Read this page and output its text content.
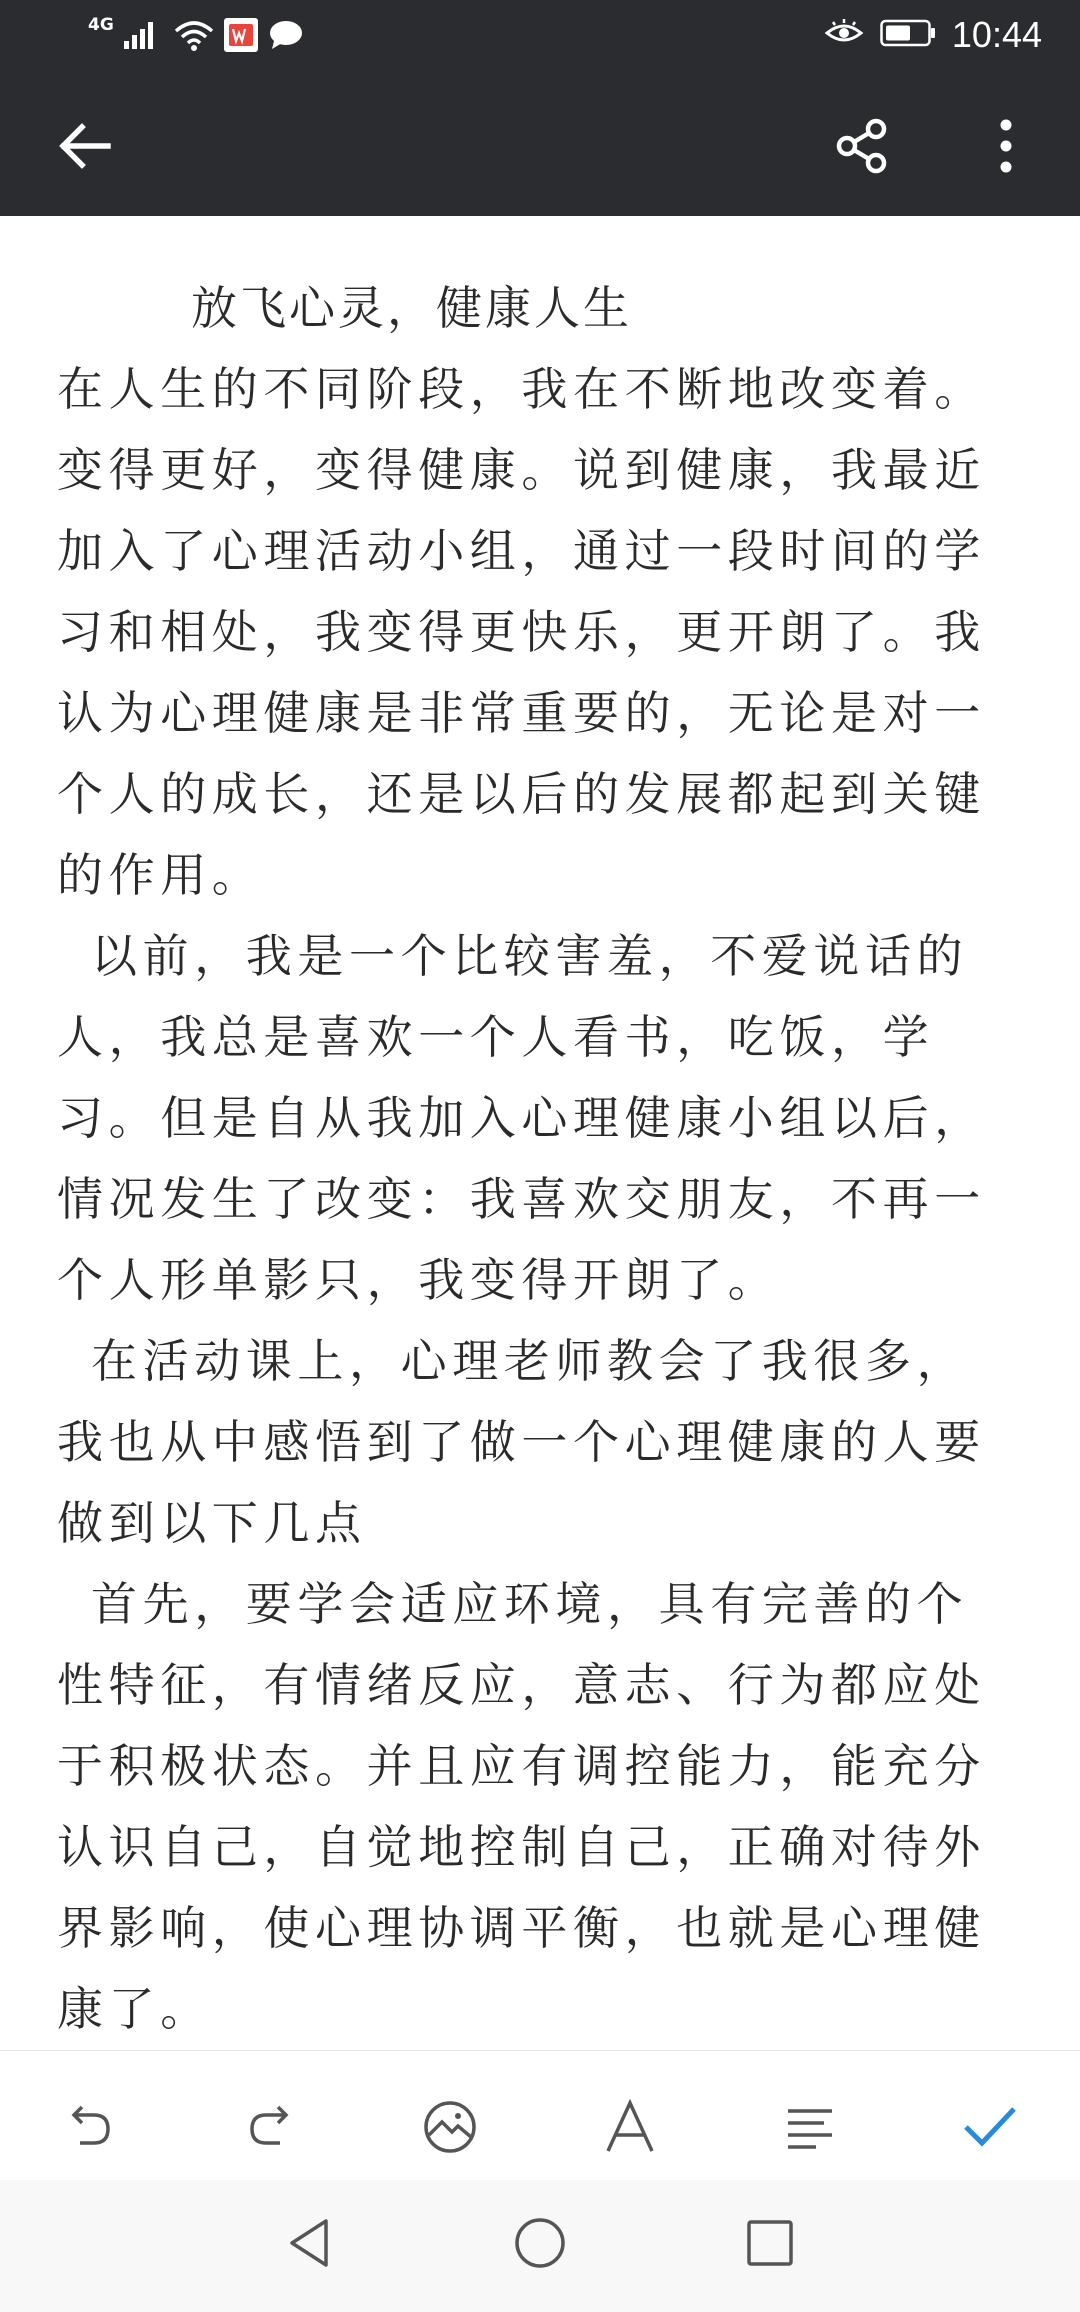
4G	10:44
放飞心灵，健康人生

在人生的不同阶段，我在不断地改变着。变得更好，变得健康。说到健康，我最近加入了心理活动小组，通过一段时间的学习和相处，我变得更快乐，更开朗了。我认为心理健康是非常重要的，无论是对一个人的成长，还是以后的发展都起到关键的作用。

以前，我是一个比较害羞，不爱说话的人，我总是喜欢一个人看书，吃饭，学习。但是自从我加入心理健康小组以后，情况发生了改变：我喜欢交朋友，不再一个人形单影只，我变得开朗了。

在活动课上，心理老师教会了我很多，我也从中感悟到了做一个心理健康的人要做到以下几点

首先，要学会适应环境，具有完善的个性特征，有情绪反应，意志、行为都应处于积极状态。并且应有调控能力，能充分认识自己，自觉地控制自己，正确对待外界影响，使心理协调平衡，也就是心理健康了。
